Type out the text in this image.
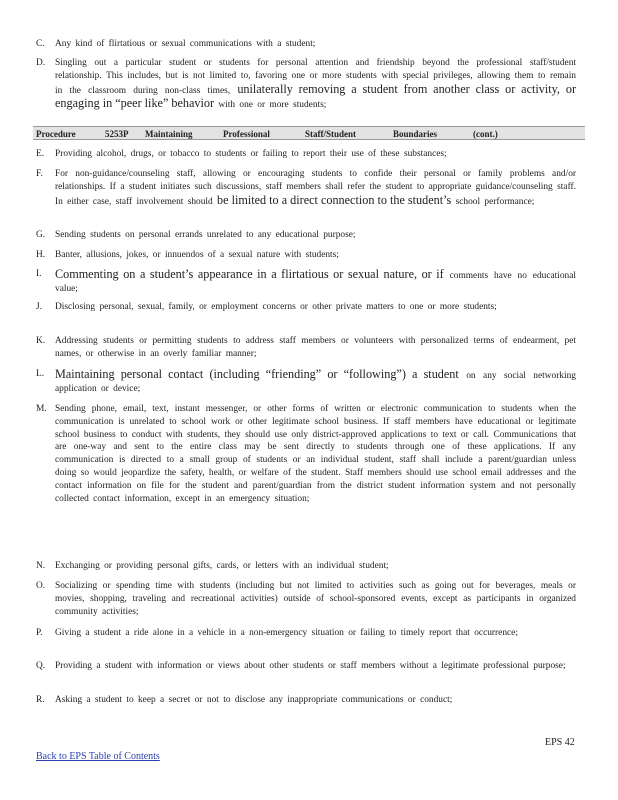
C.	Any kind of flirtatious or sexual communications with a student;
D.	Singling out a particular student or students for personal attention and friendship beyond the professional staff/student relationship. This includes, but is not limited to, favoring one or more students with special privileges, allowing them to remain in the classroom during non-class times, unilaterally removing a student from another class or activity, or engaging in “peer like” behavior with one or more students;
Procedure	5253P Maintaining	Professional	Staff/Student	Boundaries	(cont.)
E.	Providing alcohol, drugs, or tobacco to students or failing to report their use of these substances;
F.	For non-guidance/counseling staff, allowing or encouraging students to confide their personal or family problems and/or relationships. If a student initiates such discussions, staff members shall refer the student to appropriate guidance/counseling staff. In either case, staff involvement should be limited to a direct connection to the student’s school performance;
G.	Sending students on personal errands unrelated to any educational purpose;
H.	Banter, allusions, jokes, or innuendos of a sexual nature with students;
I.	Commenting on a student’s appearance in a flirtatious or sexual nature, or if comments have no educational value;
J.	Disclosing personal, sexual, family, or employment concerns or other private matters to one or more students;
K.	Addressing students or permitting students to address staff members or volunteers with personalized terms of endearment, pet names, or otherwise in an overly familiar manner;
L. Maintaining personal contact (including “friending” or “following”) a student on any social networking application or device;
M. Sending phone, email, text, instant messenger, or other forms of written or electronic communication to students when the communication is unrelated to school work or other legitimate school business. If staff members have educational or legitimate school business to conduct with students, they should use only district-approved applications to text or call. Communications that are one-way and sent to the entire class may be sent directly to students through one of these applications. If any communication is directed to a small group of students or an individual student, staff shall include a parent/guardian unless doing so would jeopardize the safety, health, or welfare of the student. Staff members should use school email addresses and the contact information on file for the student and parent/guardian from the district student information system and not personally collected contact information, except in an emergency situation;
N.	Exchanging or providing personal gifts, cards, or letters with an individual student;
O.	Socializing or spending time with students (including but not limited to activities such as going out for beverages, meals or movies, shopping, traveling and recreational activities) outside of school-sponsored events, except as participants in organized community activities;
P.	Giving a student a ride alone in a vehicle in a non-emergency situation or failing to timely report that occurrence;
Q.	Providing a student with information or views about other students or staff members without a legitimate professional purpose;
R.	Asking a student to keep a secret or not to disclose any inappropriate communications or conduct;
EPS 42
Back to EPS Table of Contents
